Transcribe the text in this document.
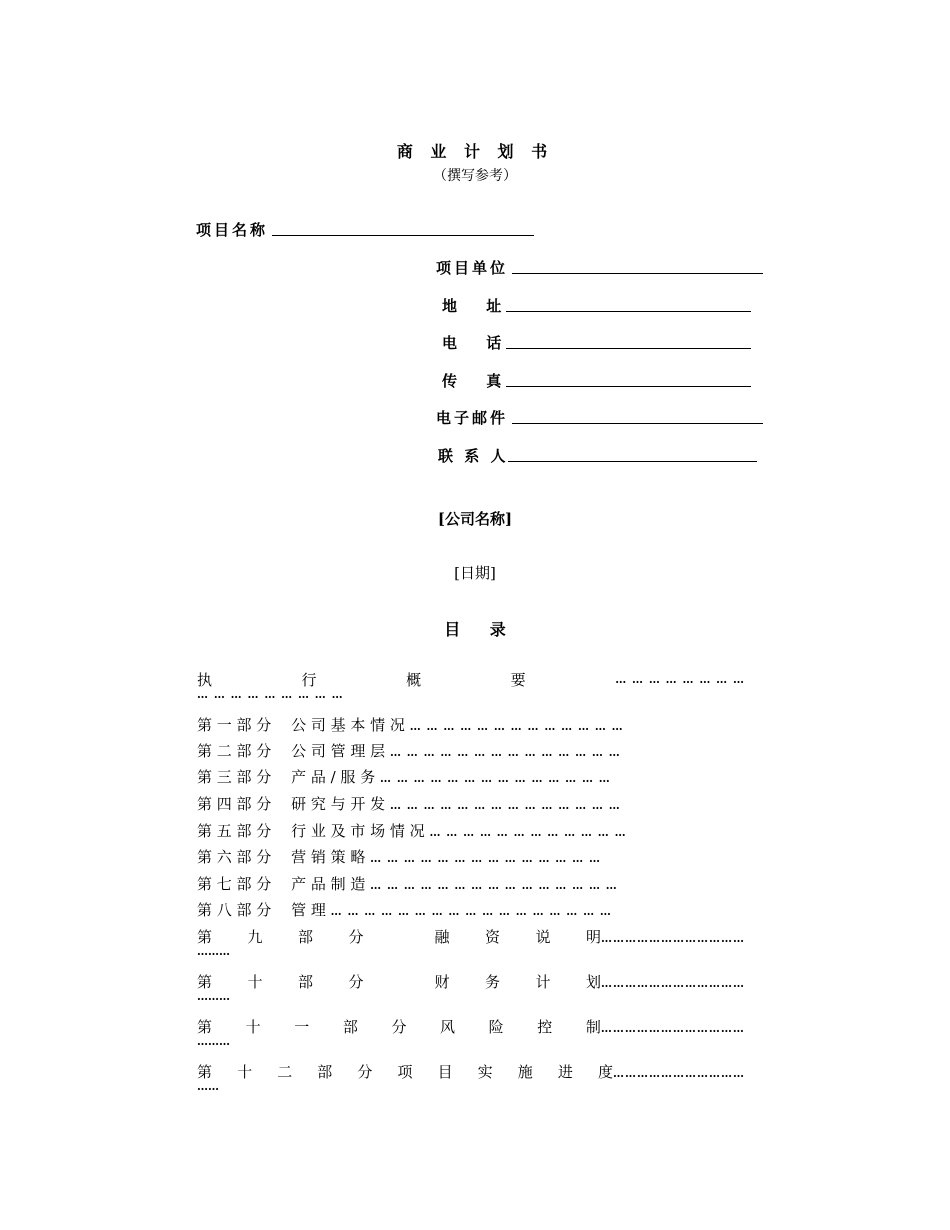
商 业 计 划 书
（撰写参考）
项目名称
项目单位
地　 址
电　 话
传　 真
电子邮件
联 系 人
[公司名称]
[日期]
目 录
执	行	概	要	… … … … … … … …
… … … … … … … … …
第 一 部 分　 公 司 基 本 情 况 … … … … … … … … … … … … …
第 二 部 分　 公 司 管 理 层 … … … … … … … … … … … … … …
第 三 部 分　 产 品 / 服 务 … … … … … … … … … … … … … …
第 四 部 分　 研 究 与 开 发 … … … … … … … … … … … … … …
第 五 部 分　 行 业 及 市 场 情 况 … … … … … … … … … … … …
第 六 部 分　 营 销 策 略 … … … … … … … … … … … … … …
第 七 部 分　 产 品 制 造 … … … … … … … … … … … … … … …
第 八 部 分　 管 理 … … … … … … … … … … … … … … … … …
第 九 部 分	融 资 说 明………………………………
………
第 十 部 分	财 务 计 划………………………………
………
第 十 一 部 分 风 险 控 制………………………………
………
第 十 二 部 分 项 目 实 施 进 度……………………………
……
